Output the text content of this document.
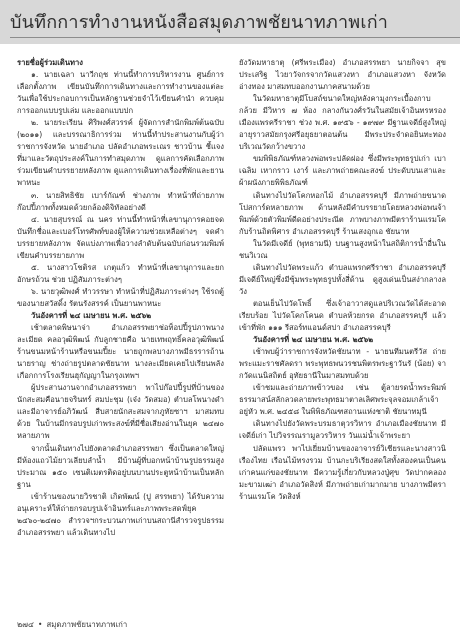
บันทึกการทำงานหนังสือสมุดภาพชัยนาทภาพเก่า

รายชื่อผู้ร่วมเดินทาง

๑. นายเฉลา นาวีกฤช ท่านนี้ทำการบริหารงาน ศูนย์การเลือกตั้งภาพ เขียนบันทึกการเดินทางและการทำงานของแต่ละวันเพื่อใช้ประกอบการเป็นหลักฐานช่วยจำไว้เขียนคำนำ ควบคุมการออกแบบรูปเล่ม และออกแบบปก

๒. นายระเรียน ศิริพงศ์สวรรค์ ผู้จัดการสำนักพิมพ์ต้นฉบับ (๒๐๑๑) และบรรณาธิการร่วม ท่านนี้ทำประสานงานกับผู้ว่าราชการจังหวัด นายอำเภอ ปลัดอำเภอพระเณร ชาวบ้าน ชี้แจงที่มาและวัตถุประสงค์ในการทำสมุดภาพ ดูแลการคัดเลือกภาพ ร่วมเขียนคำบรรยายหลังภาพ ดูแลการเดินทางเรื่องที่พักและยานพาหนะ

๓. นายสิทธิชัย เบาร์กัณฑ์ ช่างภาพ ทำหน้าที่ถ่ายภาพ ก๊อปปี้ภาพทั้งหมดด้วยกล้องดิจิทัลอย่างดี

๔. นายสุบรรณ์ ณ นคร ท่านนี้ทำหน้าที่เลขานุการคอยจดบันทึกชื่อและเบอร์โทรศัพท์ของผู้ให้ความช่วยเหลือต่างๆ จดคำบรรยายหลังภาพ จัดแบ่งภาพเพื่อวางลำดับต้นฉบับก่อนรวมพิมพ์ เขียนคำบรรยายภาพ

๕. นางสาวโชติรส เกตุแก้ว ทำหน้าที่เลขานุการและยกอักษรถ้วน ช่วย ปฏิสัมภาระต่างๆ

๖. นายวุฒิพงศ์ ทำวรรษา ทำหน้าที่ปฏิสัมภาระต่างๆ ใช้รถตู้ของนายสวัสดิ์ง รัตนรังสรรค์ เป็นยานพาหนะ

วันอังคารที่ ๒๔ เมษายน พ.ศ. ๒๕๖๒

เช้าตลาดพิษนาจ่า อำเภอสรรพยาช่อท็อปปี้รูปภาพนางละเมียด คลอวุฒิพิฒน์ กับลูกชายคือ นายเทพฤทธิ์คลอวุฒิพิฒน์ ร้านขนมหน้าร้านหรือขนมปี้ยะ นายถูกพลบางภาพมีธรรารถ้านนายราญ ช่างถ่ายรูปตลาดชัยนาท นางละเมียดเคยไปเรียนพลังเกือกการโรงเรียนฮุกัญญาในกรุงเทพฯ

ผู้ประสานงานจากอำเภอสรรพยา พาไปก๊อปปี้รูปที่บ้านของนักสะสมคือนายจรินทร์ สมปะชุม (เจ๋ง วัดสมอ) ตำบลโพนางดำ และมีอาจารย์อภิวัฒน์ สืบสายนักสะสมจากภูทัยซาฯ มาสมทบด้วย ในบ้านมีกรอบรูปเก่าพระสงฆ์ที่มีชื่อเสียงอ่านในยุค ๒๔๗๐ หลายภาพ

จากนั้นเดินทางไปยังตลาดอำเภอสรรพยา ซึ่งเป็นตลาดใหญ่ มีห้องแถวไม้ยาวเลียบลำน้ำ มีบ้านผู้ที่บอกหน้าบ้านรูปธรรมสูงประมาณ ๑๕๐ เซนติเมตรติดอยู่บนบานประตูหน้าบ้านเป็นหลักฐาน

เข้าร้านของนายวิรชาติ เกิดพัฒน์ (ปู สรรพยา) ได้รับความอนุเคราะห์ให้ถ่ายกรอบรูปเจ้าอินทร์และภาพพระสดฟ์ยุค ๒๔๖๐-๒๔๗๐ สำรวจฯกระบวนภาพเก่าบนสถานีสำรวจรูปธรรมอำเภอสรรพยา แล้วเดินทางไป

ยังวัดมหาธาตุ (ศรีพระเมือง) อำเภอสรรพยา นายกิจจา สุขประเสริฐ ไวยาวัจกรจากวัดแสวงหา อำเภอแสวงหา จังหวัดอ่างทอง มาสมทบออกงานภาคสนามด้วย

ในวัดมหาธาตุมีโบสถ์ขนาดใหญ่หลังคามุงกระเบื้องกาบกล้วย มีวิหาร ๗ ห้อง กลางกันวงศ์รวันในสมัยเจ้าอินทรหรองเมืองแพรครีราชา ช่วง พ.ศ. ๑๙๕๖ - ๑๙๗๙ มีฐานเจดีย์สูงใหญ่อายุราวสมัยกรุงศรีอยุธยาตอนต้น มีพระประจำดอยินทะทองบริเวณวัดกว้างขวาง

ขมพิพิธภัณฑ์หลวงพ่อพระปลัดฝอง ซึ่งมีพระพุทธรูปเก่า เบาเฉลิม เหากราว เงาร์ และภาพถ่ายคณะสงฆ์ ประดับบนเสาและผ้าผนังภายพิพิธภัณฑ์

เดินทางไปวัดโคกหอกไม้ อำเภอสรรคบุรี มีภาพถ่ายขนาดโปสการ์ดหลายภาพ ด้านหลังมีคำบรรยายโดยหลวงพ่อพนจ้า พิมพ์ด้วยตัวพิมพ์ดีดอย่างประณีต ภาพบางภาพมีตราร้านแรมโค กับร้านถิตพิศาร อำเภอสรรคบุรี ร้านเสงอุกเอ ชัยนาท

ในวัดมีเจดีย์ (พุทธามนี) บนฐานสูงหน้าในสถิติการน้ำอื่นในชนวิเวณ

เดินทางไปวัดพระแก้ว ตำบลแพรกศรีราชา อำเภอสรรคบุรี มีเจดีย์ใหญ่ซึ่งมีซุ้มพระพุทธรูปทั้งสี่ด้าน ดูสูงเด่นเป็นสง่ากลางลวัง

ตอนเย็นไปวัดโพธิ์ ซึ่งเจ้าอาวาสดูแลปริเวณวัดได้สะอาดเรียบร้อย ไปวัดโคกโคนด ตำบลห้วยกรด อำเภอสรรคบุรี แล้วเข้าที่พัก ๑๑๑ รีสอร์ทแอนด์สปา อำเภอสรรคบุรี

วันอังคารที่ ๒๔ เมษายน พ.ศ. ๒๕๖๒

เช้าพบผู้ว่าราชการจังหวัดชัยนาท - นายนทีมนตรีวัส ถ่ายพระแมะราชศัลดรา พระพุทธพนวรชนพิตรพระฐาวันรั (น้อย) จากวัดแนนิสถิตย์ อุทัยธานีในมาสมทบด้วย

เข้าชมและถ่ายภาพข้าวของ เช่น ตู้ลายรดน้ำพระพิมพ์ ธรรมาสน์สลักลวดลายพระพุทธมาตาลเลิศพระจุลจอมเกล้าเจ้าอยู่หัว พ.ศ. ๒๔๕๘ ในพิพิธภัณฑสถานแห่งชาติ ชัยนาทมุนี

เดินทางไปยังวัดพระบรมธาตุวรวิหาร อำเภอเมืองชัยนาท มีเจดีย์เก่า ไปวิจรรณรามูลวรวิหาร วันแม่น้ำเจ้าพระยา

ปลัดแพรว พาไปเยี่ยมบ้านของอาจารย์วิเชียรและนางสาวนิ เรืองไทย เรือนไม้ทรงรวม บ้านกะบริเรียงสดใสทั้งสองคนเป็นคนเก่าคนแก่ของชัยนาท มีความรู้เกี่ยวกับหลวงปู่ศุข วัดปากคลองมะขามเฒ่า อำเภอวัดสิงห์ มีภาพถ่ายเก่ามากมาย บางภาพมีตราร้านแรมโค วัดสิงห์

๒๗๔ • สมุดภาพชัยนาทภาพเก่า
